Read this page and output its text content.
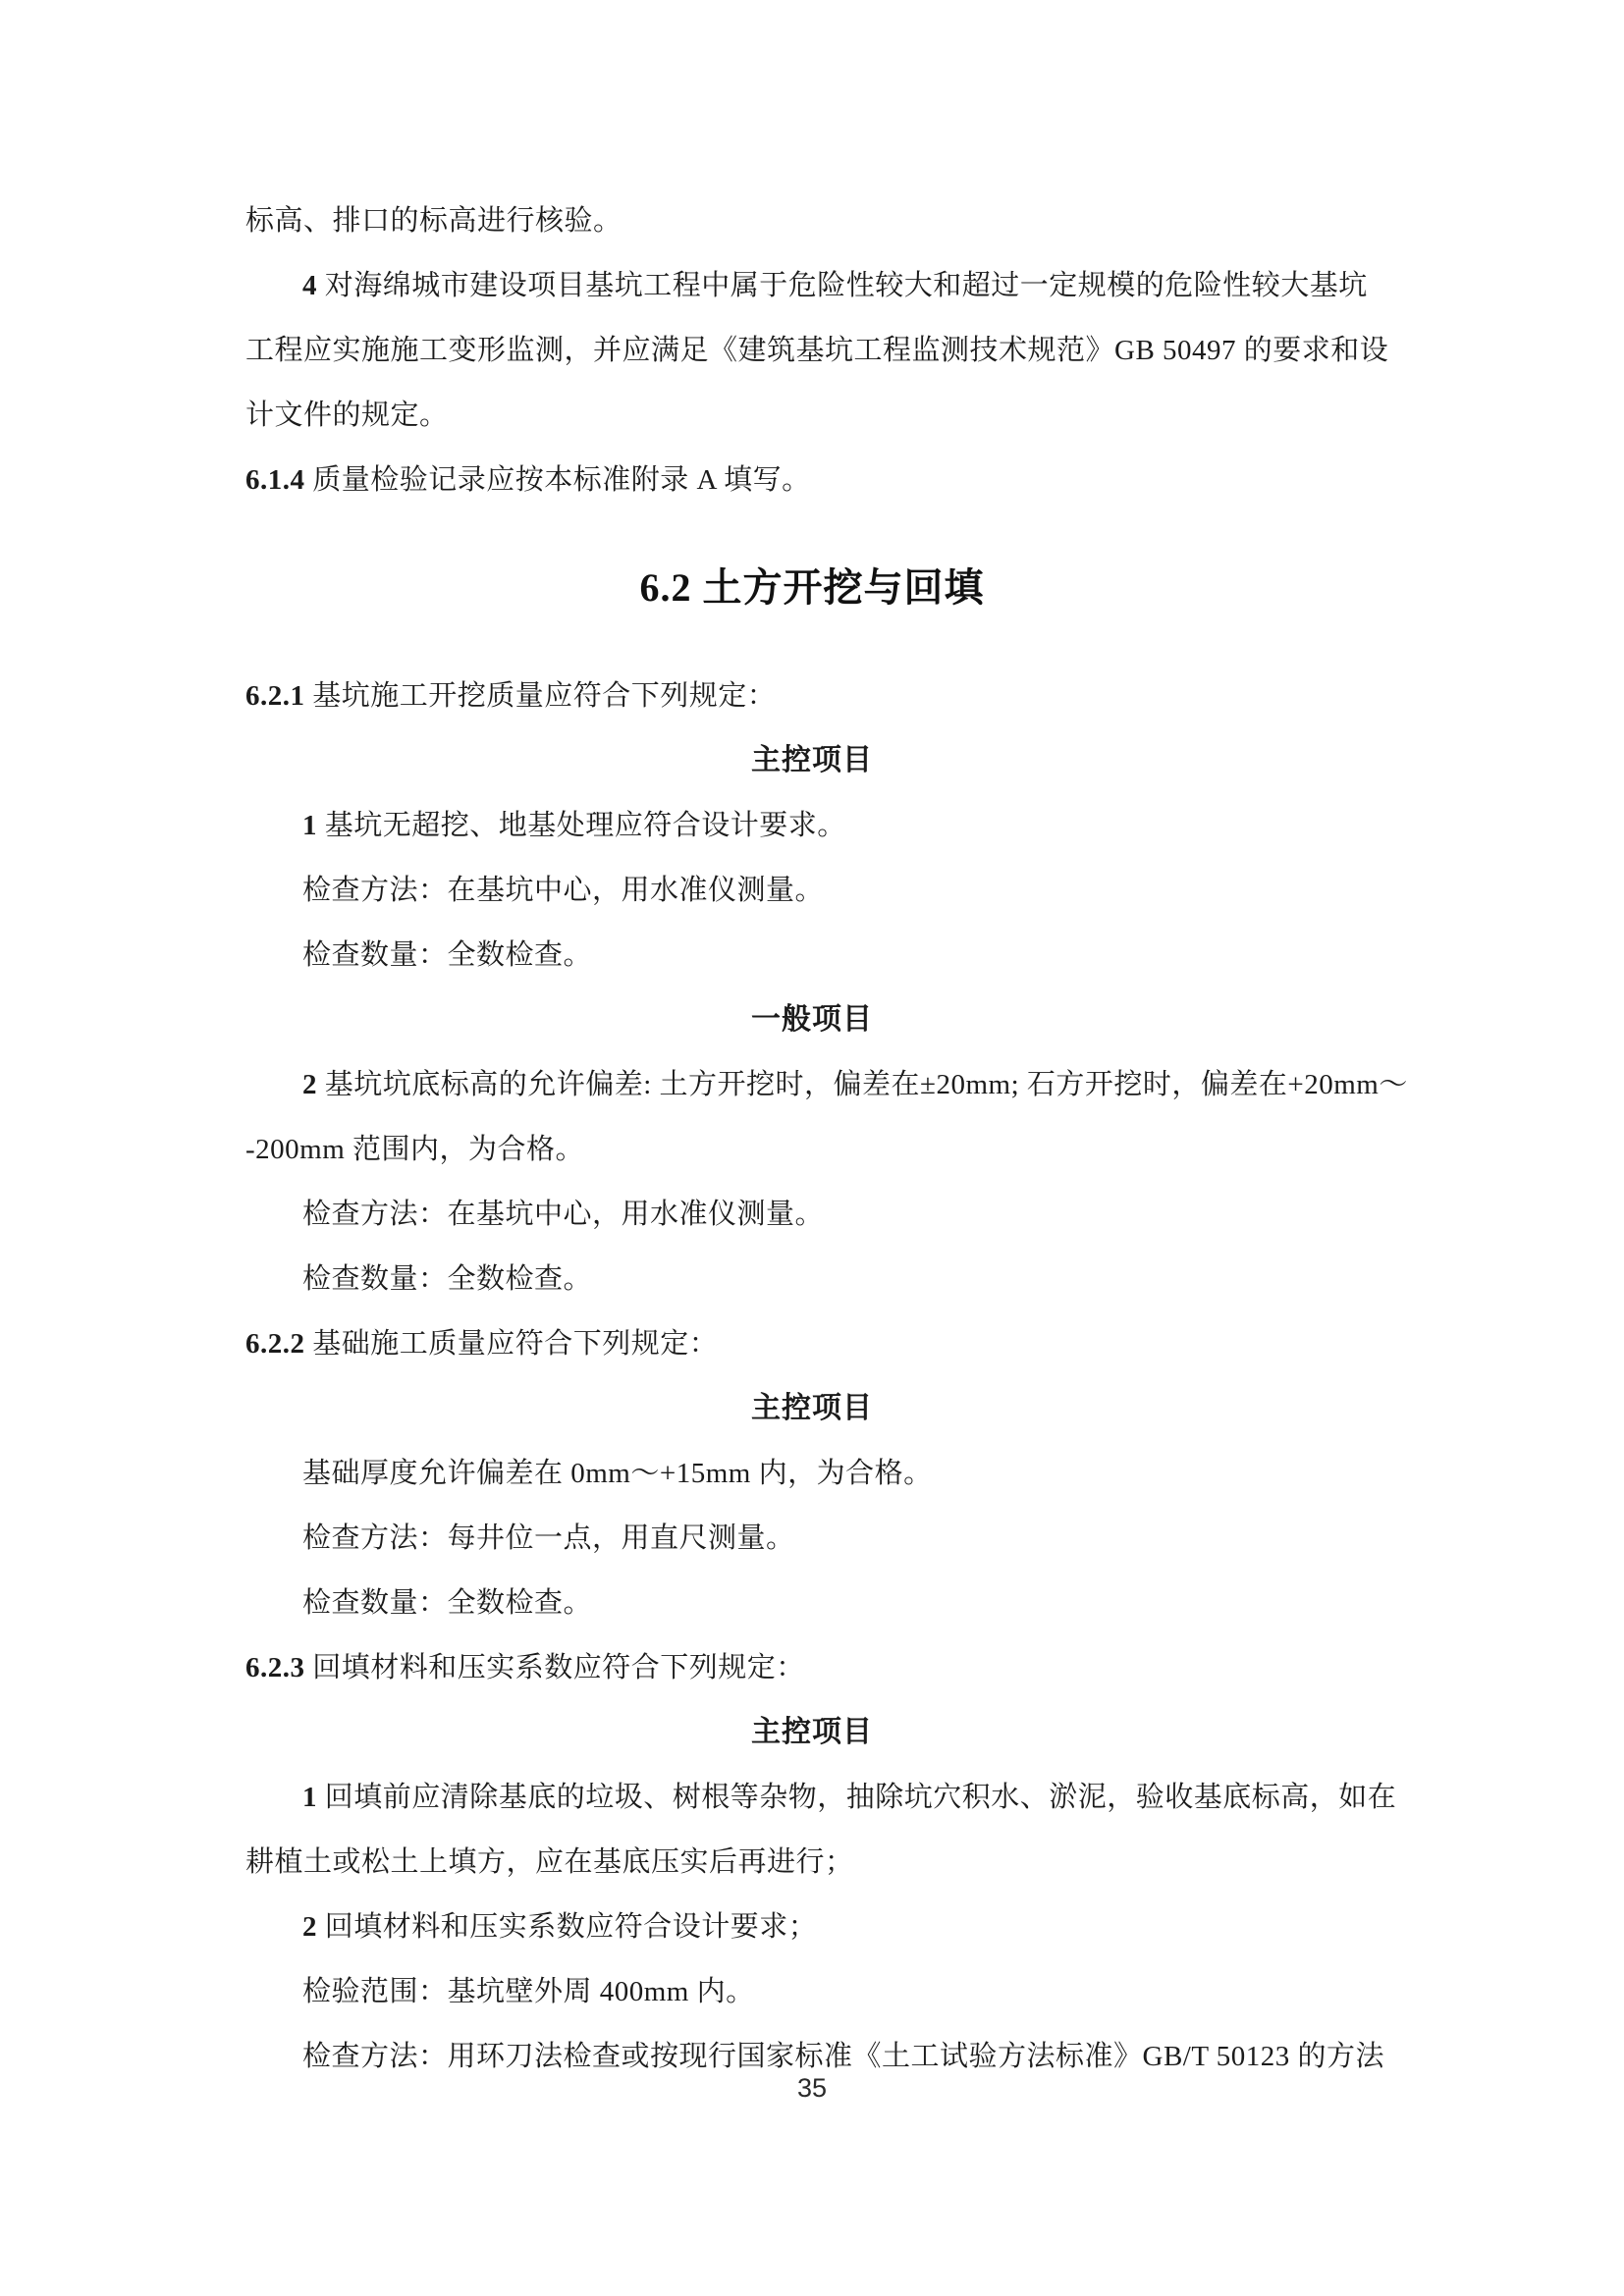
标高、排口的标高进行核验。

4 对海绵城市建设项目基坑工程中属于危险性较大和超过一定规模的危险性较大基坑

工程应实施施工变形监测，并应满足《建筑基坑工程监测技术规范》GB 50497 的要求和设

计文件的规定。

6.1.4 质量检验记录应按本标准附录 A 填写。

6.2 土方开挖与回填

6.2.1 基坑施工开挖质量应符合下列规定：

主控项目

1 基坑无超挖、地基处理应符合设计要求。

检查方法：在基坑中心，用水准仪测量。

检查数量：全数检查。

一般项目

2 基坑坑底标高的允许偏差: 土方开挖时，偏差在±20mm; 石方开挖时，偏差在+20mm～

-200mm 范围内，为合格。

检查方法：在基坑中心，用水准仪测量。

检查数量：全数检查。

6.2.2 基础施工质量应符合下列规定：

主控项目

基础厚度允许偏差在 0mm～+15mm 内，为合格。

检查方法：每井位一点，用直尺测量。

检查数量：全数检查。

6.2.3 回填材料和压实系数应符合下列规定：

主控项目

1 回填前应清除基底的垃圾、树根等杂物，抽除坑穴积水、淤泥，验收基底标高，如在

耕植土或松土上填方，应在基底压实后再进行；

2 回填材料和压实系数应符合设计要求；

检验范围：基坑壁外周 400mm 内。

检查方法：用环刀法检查或按现行国家标准《土工试验方法标准》GB/T 50123 的方法

35
